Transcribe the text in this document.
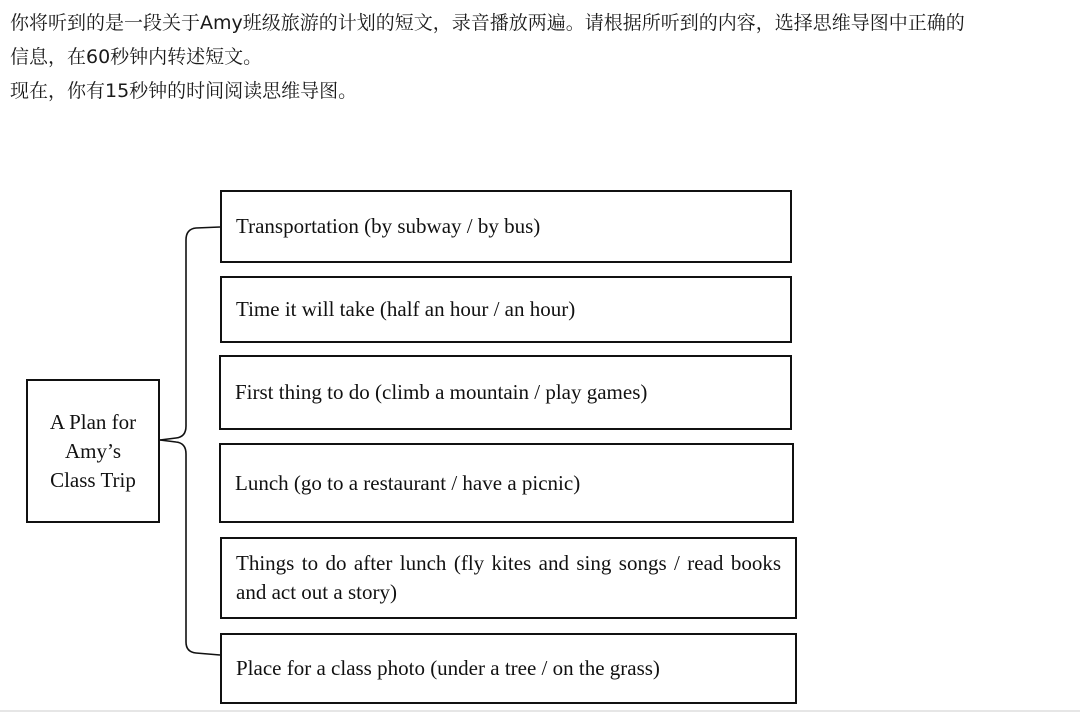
你将听到的是一段关于Amy班级旅游的计划的短文，录音播放两遍。请根据所听到的内容，选择思维导图中正确的
信息，在60秒钟内转述短文。
现在，你有15秒钟的时间阅读思维导图。
A Plan for
Amy’s
Class Trip
Transportation (by subway / by bus)
Time it will take (half an hour / an hour)
First thing to do (climb a mountain / play games)
Lunch (go to a restaurant / have a picnic)
Things to do after lunch (fly kites and sing songs / read books and act out a story)
Place for a class photo (under a tree / on the grass)
